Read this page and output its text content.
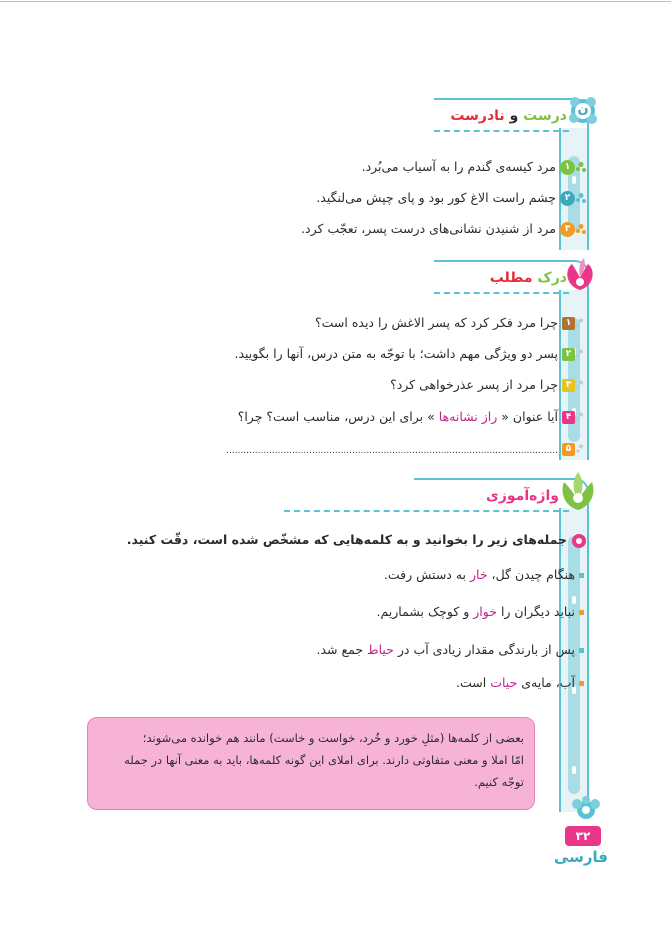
ن
درست و نادرست
۱مرد کیسه‌ی گندم را به آسیاب می‌بُرد.
۲چشم راست الاغ کور بود و پای چپش می‌لنگید.
۳مرد از شنیدن نشانی‌های درست پسر، تعجّب کرد.
درک مطلب
۱چرا مرد فکر کرد که پسر الاغش را دیده است؟
۲پسر دو ویژگی مهم داشت؛ با توجّه به متن درس، آنها را بگویید.
۳چرا مرد از پسر عذرخواهی کرد؟
۴آیا عنوان « راز نشانه‌ها » برای این درس، مناسب است؟ چرا؟
۵....................................................................................................................
واژه‌آموزی
جمله‌های زیر را بخوانید و به کلمه‌هایی که مشخّص شده است، دقّت کنید.
هنگام چیدن گل، خار به دستش رفت.
نباید دیگران را خوار و کوچک بشماریم.
پس از بارندگی مقدار زیادی آب در حیاط جمع شد.
آب، مایه‌ی حیات است.
بعضی از کلمه‌ها (مثلِ خورد و خُرد، خواست و خاست) مانند هم خوانده می‌شوند؛
امّا املا و معنی متفاوتی دارند. برای املای این گونه کلمه‌ها، باید به معنی آنها در جمله
توجّه کنیم.
۳۲
فارسی
